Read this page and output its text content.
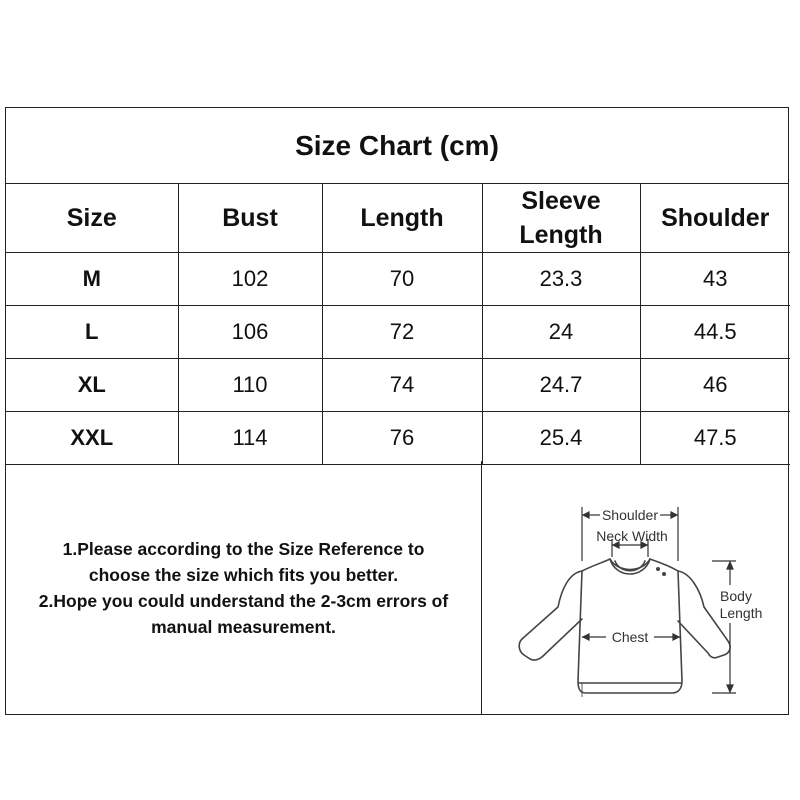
Size Chart (cm)
Size	Bust	Length	Sleeve Length	Shoulder
M	102	70	23.3	43
L	106	72	24	44.5
XL	110	74	24.7	46
XXL	114	76	25.4	47.5
1.Please according to the Size Reference to
choose the size which fits you better.
2.Hope you could understand the 2-3cm errors of
manual measurement.
Shoulder
Neck Width
Chest
Body
Length
